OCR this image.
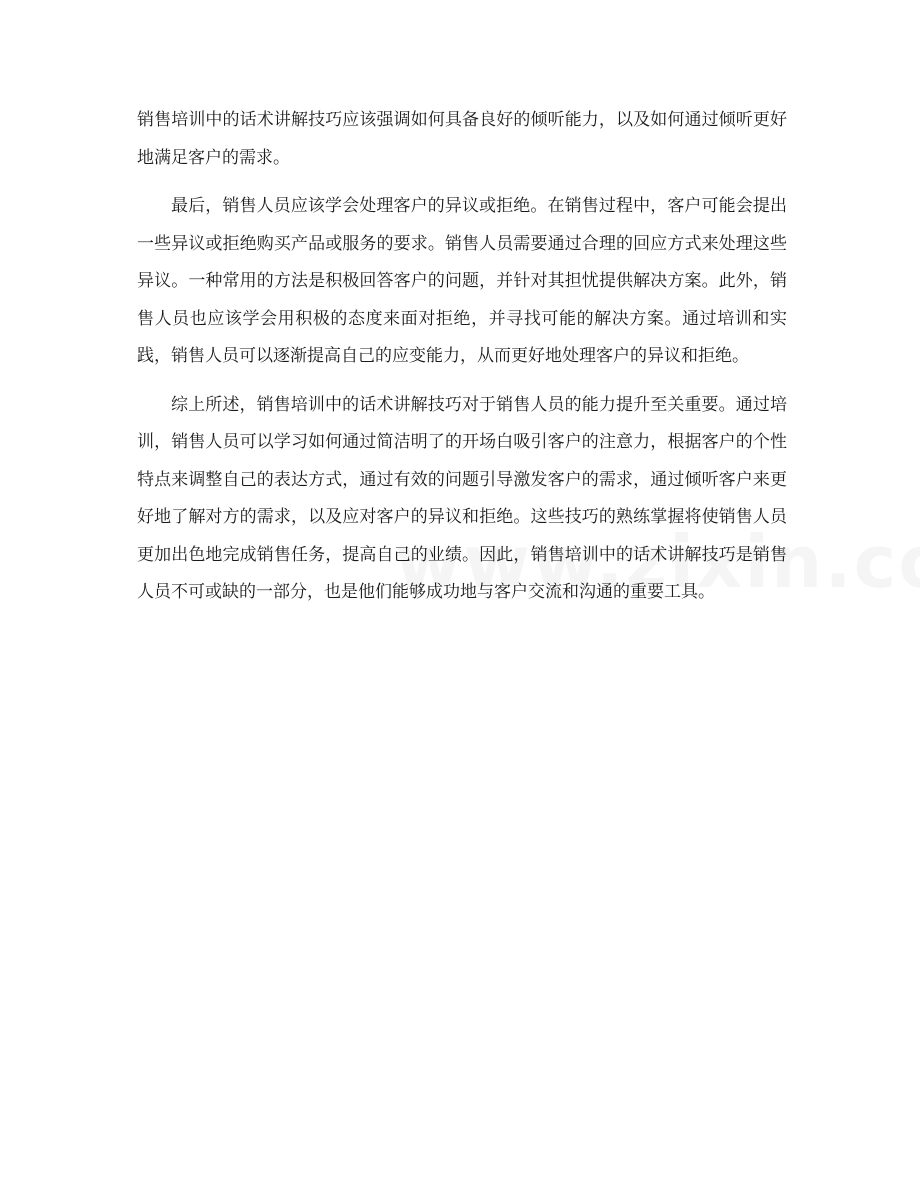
销售培训中的话术讲解技巧应该强调如何具备良好的倾听能力，以及如何通过倾听更好地满足客户的需求。

最后，销售人员应该学会处理客户的异议或拒绝。在销售过程中，客户可能会提出一些异议或拒绝购买产品或服务的要求。销售人员需要通过合理的回应方式来处理这些异议。一种常用的方法是积极回答客户的问题，并针对其担忧提供解决方案。此外，销售人员也应该学会用积极的态度来面对拒绝，并寻找可能的解决方案。通过培训和实践，销售人员可以逐渐提高自己的应变能力，从而更好地处理客户的异议和拒绝。

综上所述，销售培训中的话术讲解技巧对于销售人员的能力提升至关重要。通过培训，销售人员可以学习如何通过简洁明了的开场白吸引客户的注意力，根据客户的个性特点来调整自己的表达方式，通过有效的问题引导激发客户的需求，通过倾听客户来更好地了解对方的需求，以及应对客户的异议和拒绝。这些技巧的熟练掌握将使销售人员更加出色地完成销售任务，提高自己的业绩。因此，销售培训中的话术讲解技巧是销售人员不可或缺的一部分，也是他们能够成功地与客户交流和沟通的重要工具。
